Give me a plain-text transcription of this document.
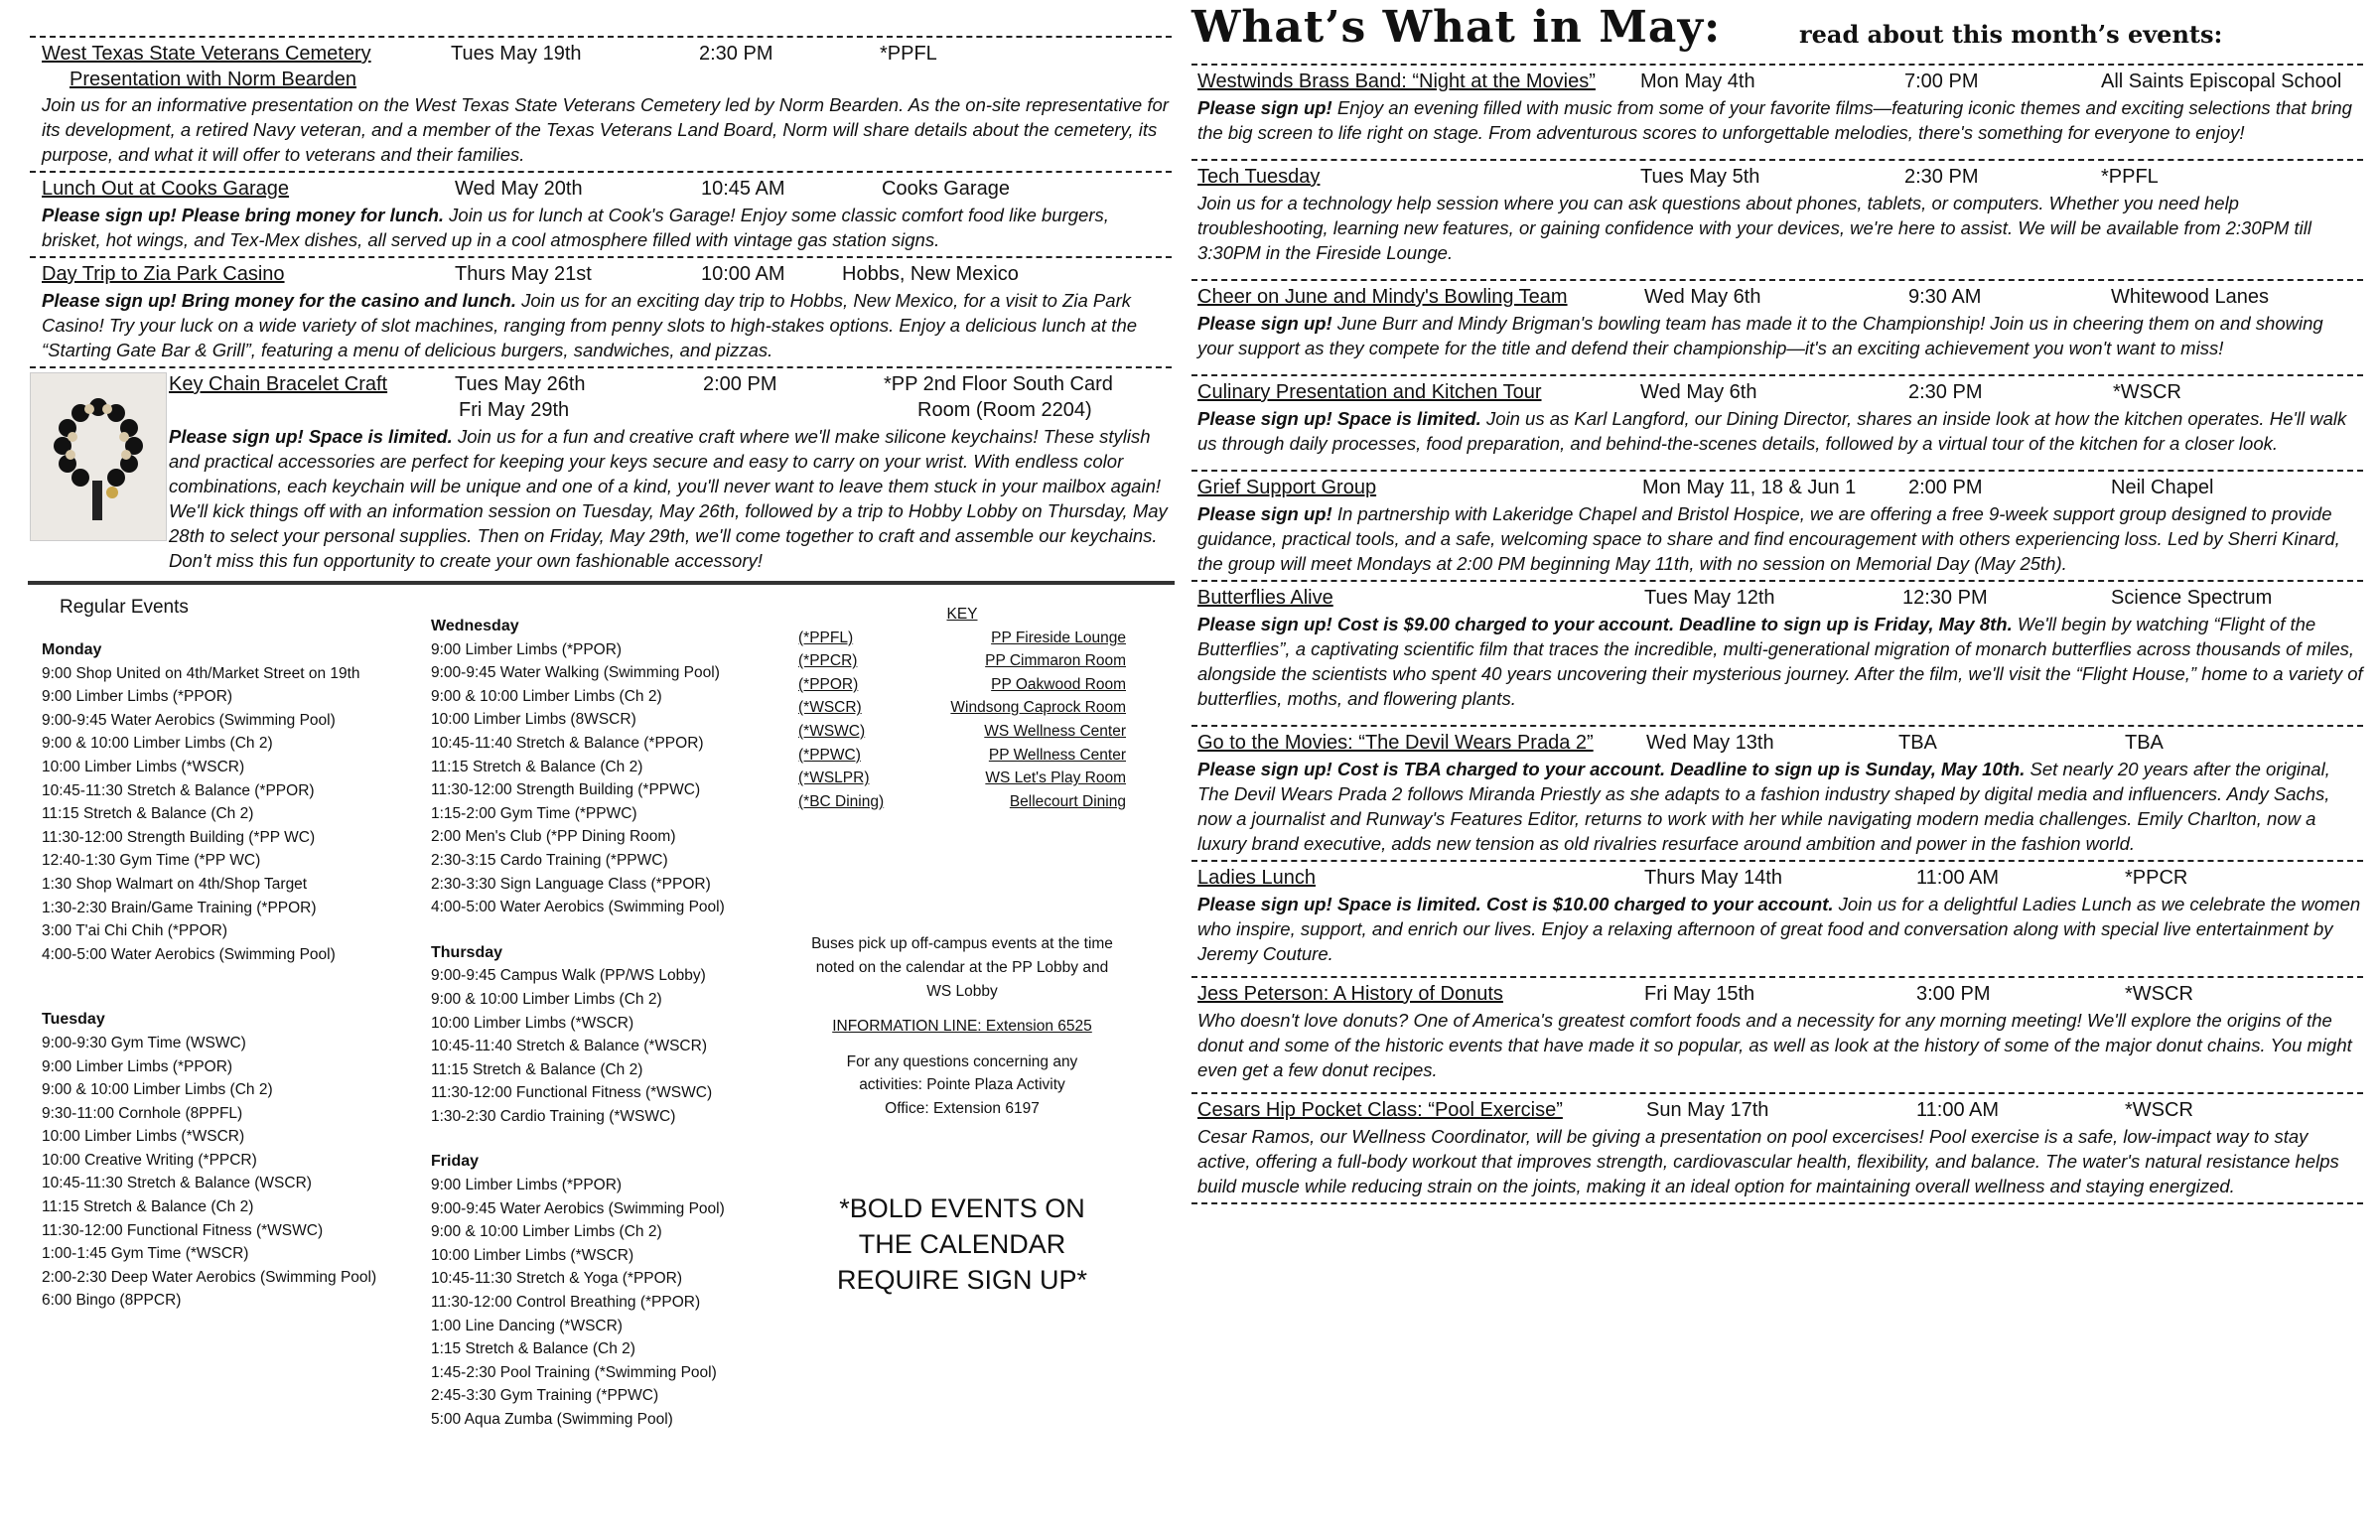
West Texas State Veterans Cemetery	Tues May 19th	2:30 PM	*PPFL
Presentation with Norm Bearden
Join us for an informative presentation on the West Texas State Veterans Cemetery led by Norm Bearden. As the on-site representative for its development, a retired Navy veteran, and a member of the Texas Veterans Land Board, Norm will share details about the cemetery, its purpose, and what it will offer to veterans and their families.
Lunch Out at Cooks Garage	Wed May 20th	10:45 AM	Cooks Garage
Please sign up! Please bring money for lunch. Join us for lunch at Cook's Garage! Enjoy some classic comfort food like burgers, brisket, hot wings, and Tex-Mex dishes, all served up in a cool atmosphere filled with vintage gas station signs.
Day Trip to Zia Park Casino	Thurs May 21st	10:00 AM	Hobbs, New Mexico
Please sign up! Bring money for the casino and lunch. Join us for an exciting day trip to Hobbs, New Mexico, for a visit to Zia Park Casino! Try your luck on a wide variety of slot machines, ranging from penny slots to high-stakes options. Enjoy a delicious lunch at the “Starting Gate Bar & Grill”, featuring a menu of delicious burgers, sandwiches, and pizzas.
Key Chain Bracelet Craft	Tues May 26th	2:00 PM	*PP 2nd Floor South Card
Fri May 29th	Room (Room 2204)
Please sign up! Space is limited. Join us for a fun and creative craft where we'll make silicone keychains! These stylish and practical accessories are perfect for keeping your keys secure and easy to carry on your wrist. With endless color combinations, each keychain will be unique and one of a kind, you'll never want to leave them stuck in your mailbox again! We'll kick things off with an information session on Tuesday, May 26th, followed by a trip to Hobby Lobby on Thursday, May 28th to select your personal supplies. Then on Friday, May 29th, we'll come together to craft and assemble our keychains. Don't miss this fun opportunity to create your own fashionable accessory!
Regular Events
Monday
9:00 Shop United on 4th/Market Street on 19th
9:00 Limber Limbs (*PPOR)
9:00-9:45 Water Aerobics (Swimming Pool)
9:00 & 10:00 Limber Limbs (Ch 2)
10:00 Limber Limbs (*WSCR)
10:45-11:30 Stretch & Balance (*PPOR)
11:15 Stretch & Balance (Ch 2)
11:30-12:00 Strength Building (*PP WC)
12:40-1:30 Gym Time (*PP WC)
1:30 Shop Walmart on 4th/Shop Target
1:30-2:30 Brain/Game Training (*PPOR)
3:00 T'ai Chi Chih (*PPOR)
4:00-5:00 Water Aerobics (Swimming Pool)
Tuesday
9:00-9:30 Gym Time (WSWC)
9:00 Limber Limbs (*PPOR)
9:00 & 10:00 Limber Limbs (Ch 2)
9:30-11:00 Cornhole (8PPFL)
10:00 Limber Limbs (*WSCR)
10:00 Creative Writing (*PPCR)
10:45-11:30 Stretch & Balance (WSCR)
11:15 Stretch & Balance (Ch 2)
11:30-12:00 Functional Fitness (*WSWC)
1:00-1:45 Gym Time (*WSCR)
2:00-2:30 Deep Water Aerobics (Swimming Pool)
6:00 Bingo (8PPCR)
Wednesday
9:00 Limber Limbs (*PPOR)
9:00-9:45 Water Walking (Swimming Pool)
9:00 & 10:00 Limber Limbs (Ch 2)
10:00 Limber Limbs (8WSCR)
10:45-11:40 Stretch & Balance (*PPOR)
11:15 Stretch & Balance (Ch 2)
11:30-12:00 Strength Building (*PPWC)
1:15-2:00 Gym Time (*PPWC)
2:00 Men's Club (*PP Dining Room)
2:30-3:15 Cardo Training (*PPWC)
2:30-3:30 Sign Language Class (*PPOR)
4:00-5:00 Water Aerobics (Swimming Pool)
Thursday
9:00-9:45 Campus Walk (PP/WS Lobby)
9:00 & 10:00 Limber Limbs (Ch 2)
10:00 Limber Limbs (*WSCR)
10:45-11:40 Stretch & Balance (*WSCR)
11:15 Stretch & Balance (Ch 2)
11:30-12:00 Functional Fitness (*WSWC)
1:30-2:30 Cardio Training (*WSWC)
Friday
9:00 Limber Limbs (*PPOR)
9:00-9:45 Water Aerobics (Swimming Pool)
9:00 & 10:00 Limber Limbs (Ch 2)
10:00 Limber Limbs (*WSCR)
10:45-11:30 Stretch & Yoga (*PPOR)
11:30-12:00 Control Breathing (*PPOR)
1:00 Line Dancing (*WSCR)
1:15 Stretch & Balance (Ch 2)
1:45-2:30 Pool Training (*Swimming Pool)
2:45-3:30 Gym Training (*PPWC)
5:00 Aqua Zumba (Swimming Pool)
KEY
(*PPFL)	PP Fireside Lounge
(*PPCR)	PP Cimmaron Room
(*PPOR)	PP Oakwood Room
(*WSCR)	Windsong Caprock Room
(*WSWC)	WS Wellness Center
(*PPWC)	PP Wellness Center
(*WSLPR)	WS Let's Play Room
(*BC Dining)	Bellecourt Dining
Buses pick up off-campus events at the time noted on the calendar at the PP Lobby and WS Lobby
INFORMATION LINE: Extension 6525
For any questions concerning any activities: Pointe Plaza Activity Office: Extension 6197
*BOLD EVENTS ON THE CALENDAR REQUIRE SIGN UP*
What’s What in May:	read about this month’s events:
Westwinds Brass Band: “Night at the Movies” Mon May 4th	7:00 PM	All Saints Episcopal School
Please sign up! Enjoy an evening filled with music from some of your favorite films—featuring iconic themes and exciting selections that bring the big screen to life right on stage. From adventurous scores to unforgettable melodies, there's something for everyone to enjoy!
Tech Tuesday	Tues May 5th	2:30 PM	*PPFL
Join us for a technology help session where you can ask questions about phones, tablets, or computers. Whether you need help troubleshooting, learning new features, or gaining confidence with your devices, we're here to assist. We will be available from 2:30PM till 3:30PM in the Fireside Lounge.
Cheer on June and Mindy's Bowling Team	Wed May 6th	9:30 AM	Whitewood Lanes
Please sign up! June Burr and Mindy Brigman's bowling team has made it to the Championship! Join us in cheering them on and showing your support as they compete for the title and defend their championship—it's an exciting achievement you won't want to miss!
Culinary Presentation and Kitchen Tour	Wed May 6th	2:30 PM	*WSCR
Please sign up! Space is limited. Join us as Karl Langford, our Dining Director, shares an inside look at how the kitchen operates. He'll walk us through daily processes, food preparation, and behind-the-scenes details, followed by a virtual tour of the kitchen for a closer look.
Grief Support Group	Mon May 11, 18 & Jun 1	2:00 PM	Neil Chapel
Please sign up! In partnership with Lakeridge Chapel and Bristol Hospice, we are offering a free 9-week support group designed to provide guidance, practical tools, and a safe, welcoming space to share and find encouragement with others experiencing loss. Led by Sherri Kinard, the group will meet Mondays at 2:00 PM beginning May 11th, with no session on Memorial Day (May 25th).
Butterflies Alive	Tues May 12th	12:30 PM	Science Spectrum
Please sign up! Cost is $9.00 charged to your account. Deadline to sign up is Friday, May 8th. We'll begin by watching “Flight of the Butterflies”, a captivating scientific film that traces the incredible, multi-generational migration of monarch butterflies across thousands of miles, alongside the scientists who spent 40 years uncovering their mysterious journey. After the film, we'll visit the “Flight House,” home to a variety of butterflies, moths, and flowering plants.
Go to the Movies: “The Devil Wears Prada 2”	Wed May 13th	TBA	TBA
Please sign up! Cost is TBA charged to your account. Deadline to sign up is Sunday, May 10th. Set nearly 20 years after the original, The Devil Wears Prada 2 follows Miranda Priestly as she adapts to a fashion industry shaped by digital media and influencers. Andy Sachs, now a journalist and Runway's Features Editor, returns to work with her while navigating modern media challenges. Emily Charlton, now a luxury brand executive, adds new tension as old rivalries resurface around ambition and power in the fashion world.
Ladies Lunch	Thurs May 14th	11:00 AM	*PPCR
Please sign up! Space is limited. Cost is $10.00 charged to your account. Join us for a delightful Ladies Lunch as we celebrate the women who inspire, support, and enrich our lives. Enjoy a relaxing afternoon of great food and conversation along with special live entertainment by Jeremy Couture.
Jess Peterson: A History of Donuts	Fri May 15th	3:00 PM	*WSCR
Who doesn't love donuts? One of America's greatest comfort foods and a necessity for any morning meeting! We'll explore the origins of the donut and some of the historic events that have made it so popular, as well as look at the history of some of the major donut chains. You might even get a few donut recipes.
Cesars Hip Pocket Class: “Pool Exercise”	Sun May 17th	11:00 AM	*WSCR
Cesar Ramos, our Wellness Coordinator, will be giving a presentation on pool excercises! Pool exercise is a safe, low-impact way to stay active, offering a full-body workout that improves strength, cardiovascular health, flexibility, and balance. The water's natural resistance helps build muscle while reducing strain on the joints, making it an ideal option for maintaining overall wellness and staying energized.
